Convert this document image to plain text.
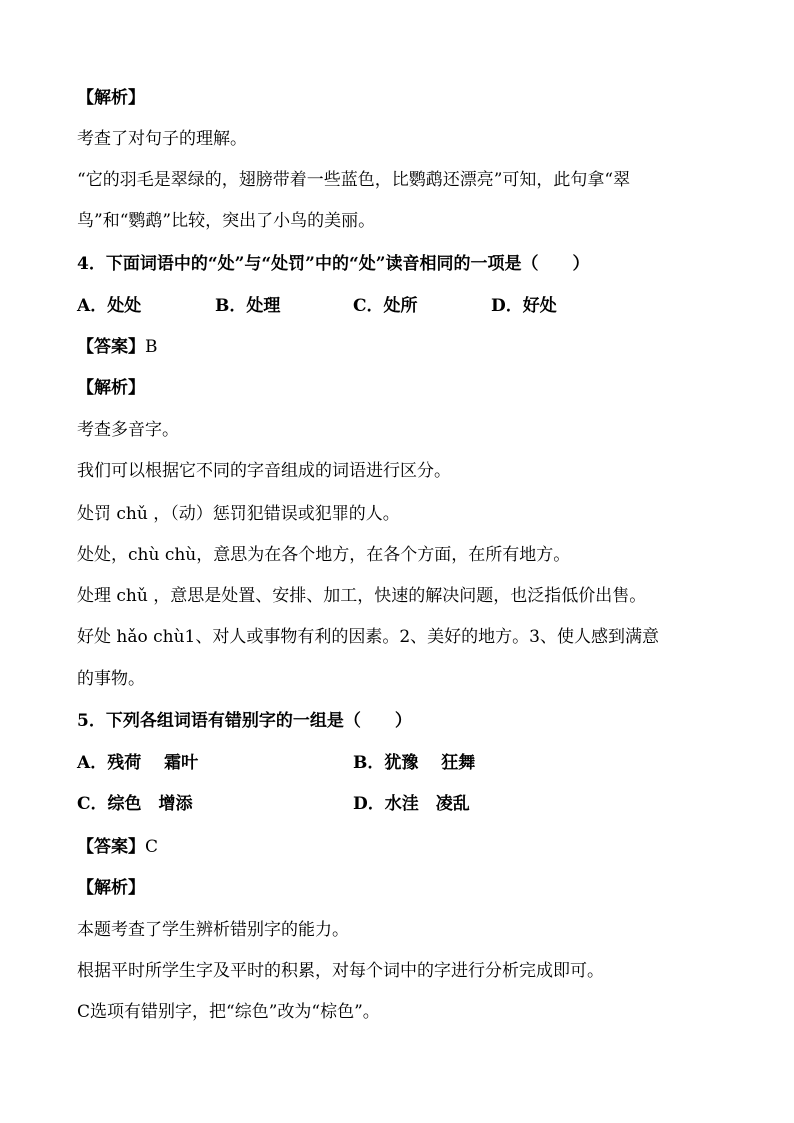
【解析】
考查了对句子的理解。
“它的羽毛是翠绿的，翅膀带着一些蓝色，比鹦鹉还漂亮”可知，此句拿“翠
鸟”和“鹦鹉”比较，突出了小鸟的美丽。
4．下面词语中的“处”与“处罚”中的“处”读音相同的一项是（　　）
A．处处	B．处理	C．处所	D．好处
【答案】B
【解析】
考查多音字。
我们可以根据它不同的字音组成的词语进行区分。
处罚 chǔ ，（动）惩罚犯错误或犯罪的人。
处处，chù chù，意思为在各个地方，在各个方面，在所有地方。
处理 chǔ ，意思是处置、安排、加工，快速的解决问题，也泛指低价出售。
好处 hǎo chù1、对人或事物有利的因素。2、美好的地方。3、使人感到满意
的事物。
5．下列各组词语有错别字的一组是（　　）
A．残荷　 霜叶	B．犹豫　 狂舞
C．综色　增添	D．水洼　凌乱
【答案】C
【解析】
本题考查了学生辨析错别字的能力。
根据平时所学生字及平时的积累，对每个词中的字进行分析完成即可。
C选项有错别字，把“综色”改为“棕色”。
